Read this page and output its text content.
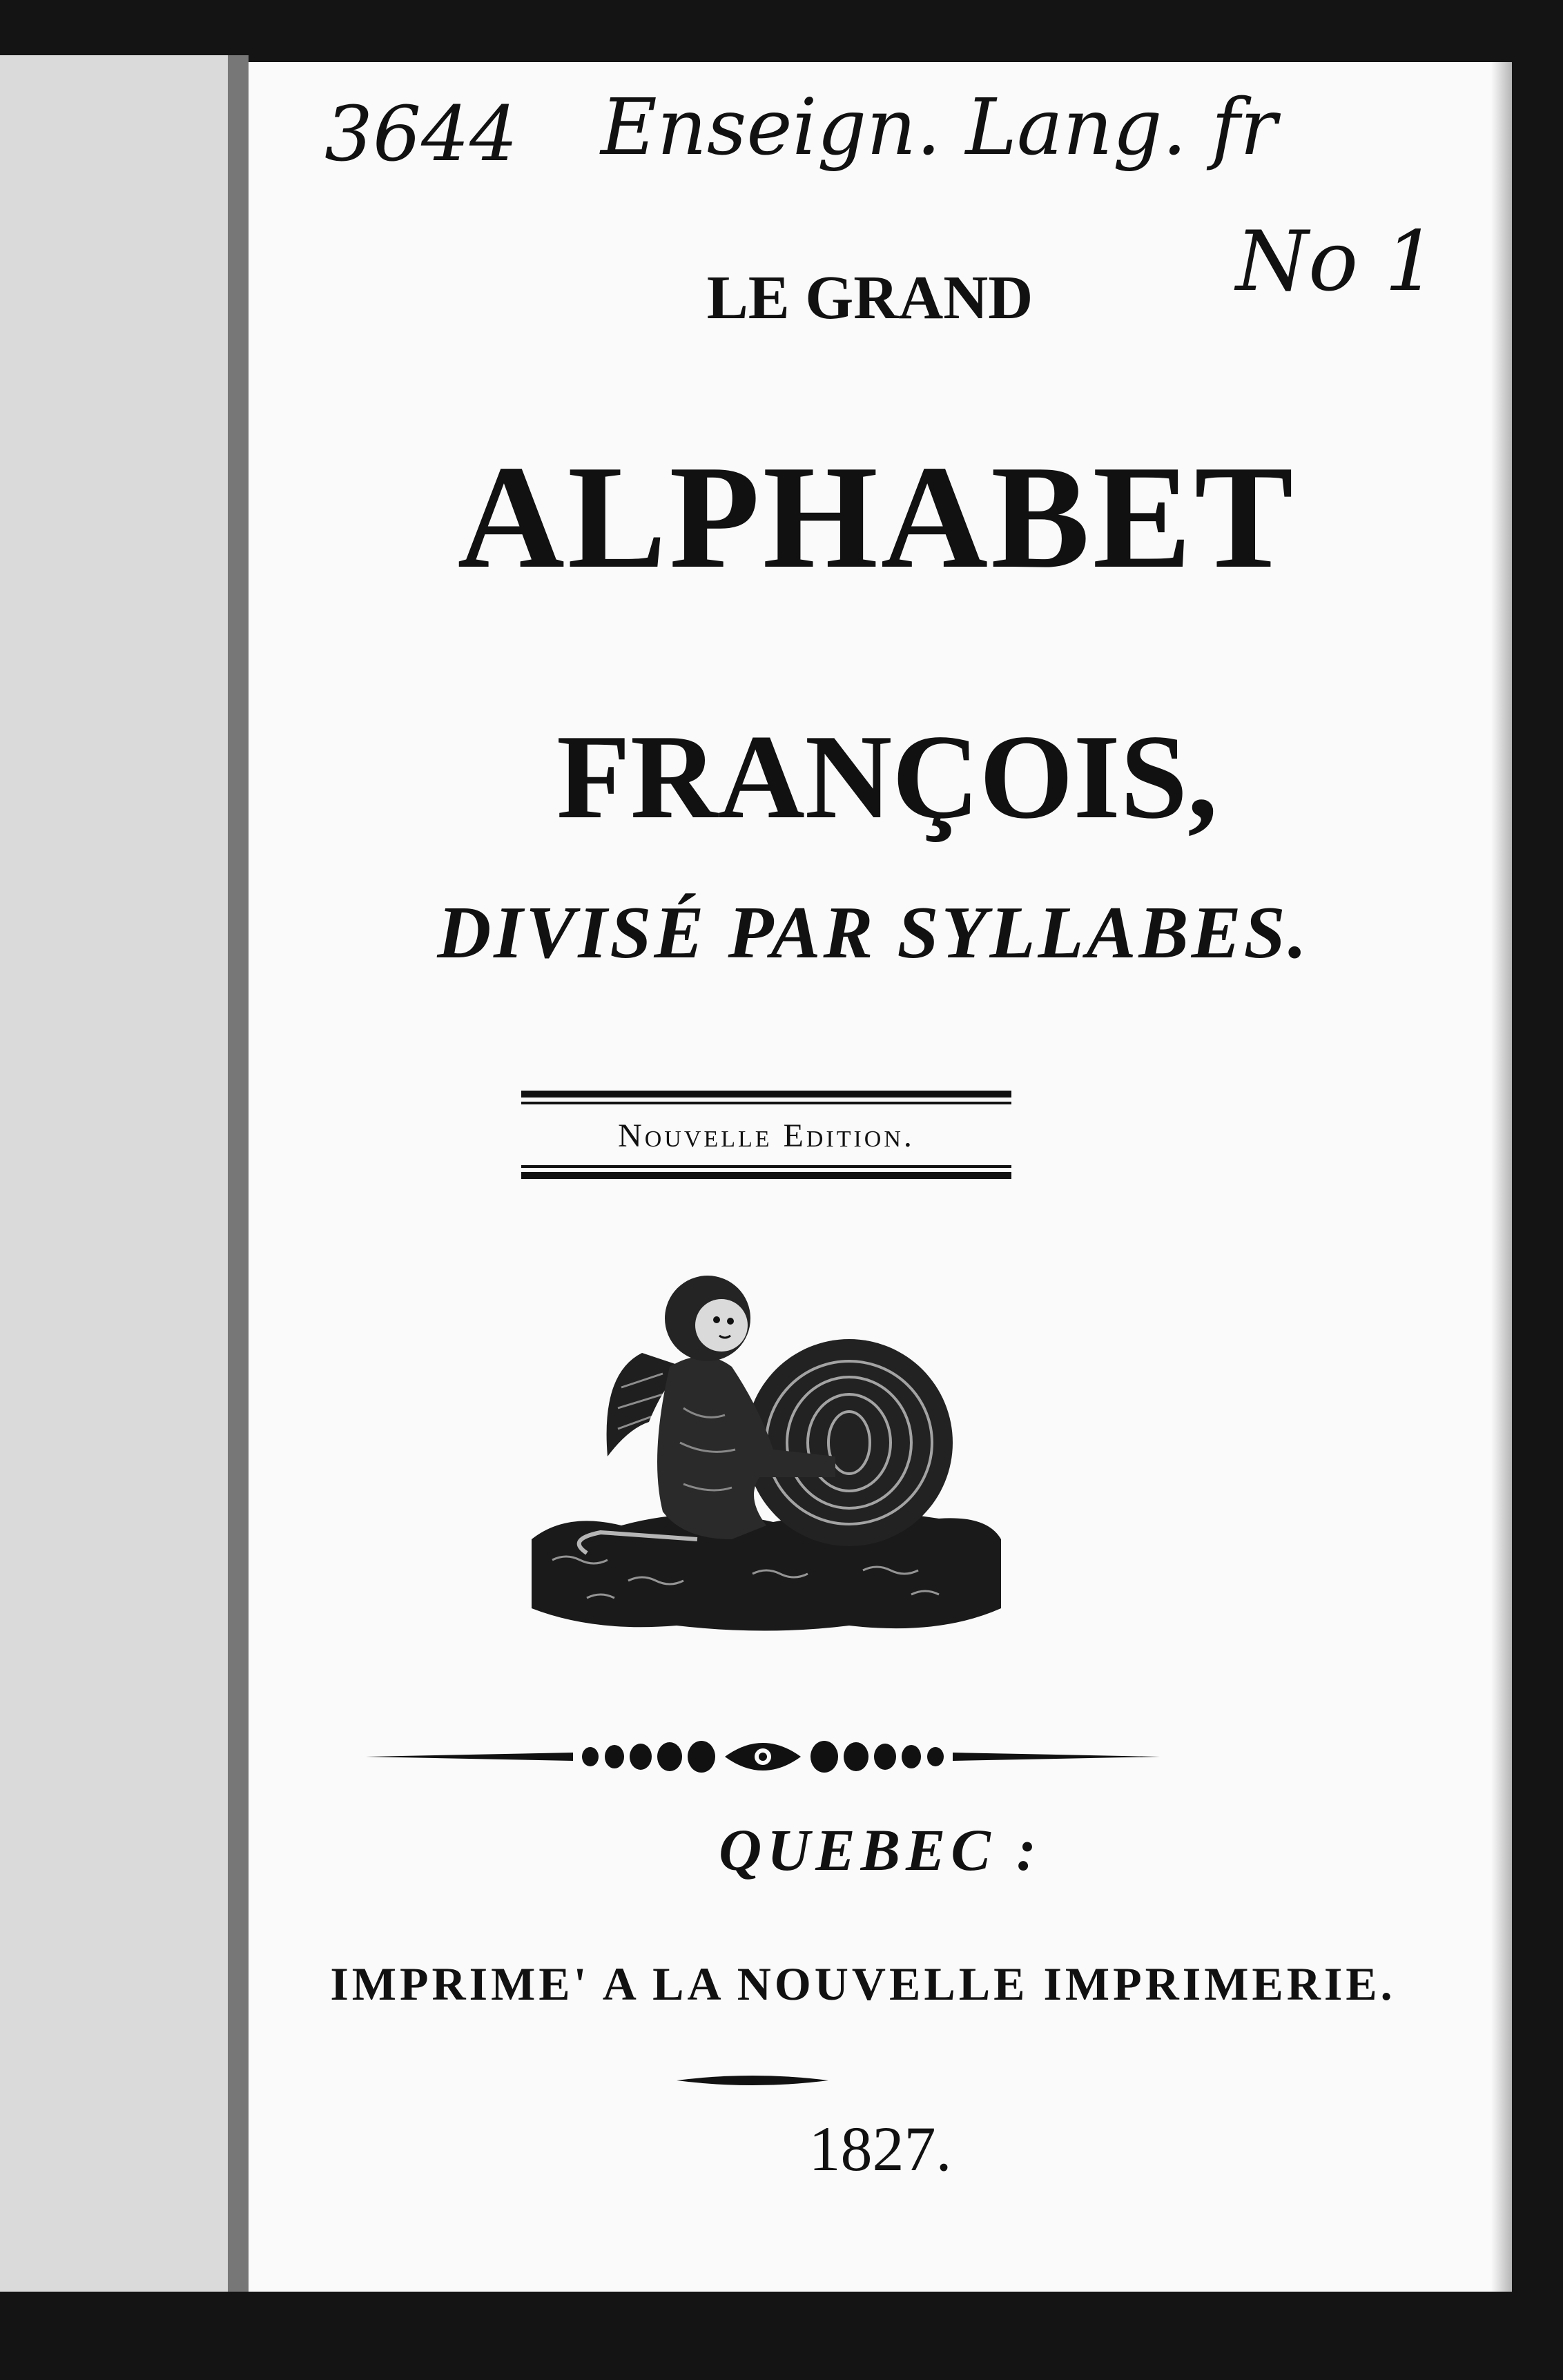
3644 Enseign. Lang. fr
No 1

LE GRAND

ALPHABET

FRANÇOIS,

DIVISÉ PAR SYLLABES.

Nouvelle Edition.

QUEBEC :

IMPRIME' A LA NOUVELLE IMPRIMERIE.

1827.
